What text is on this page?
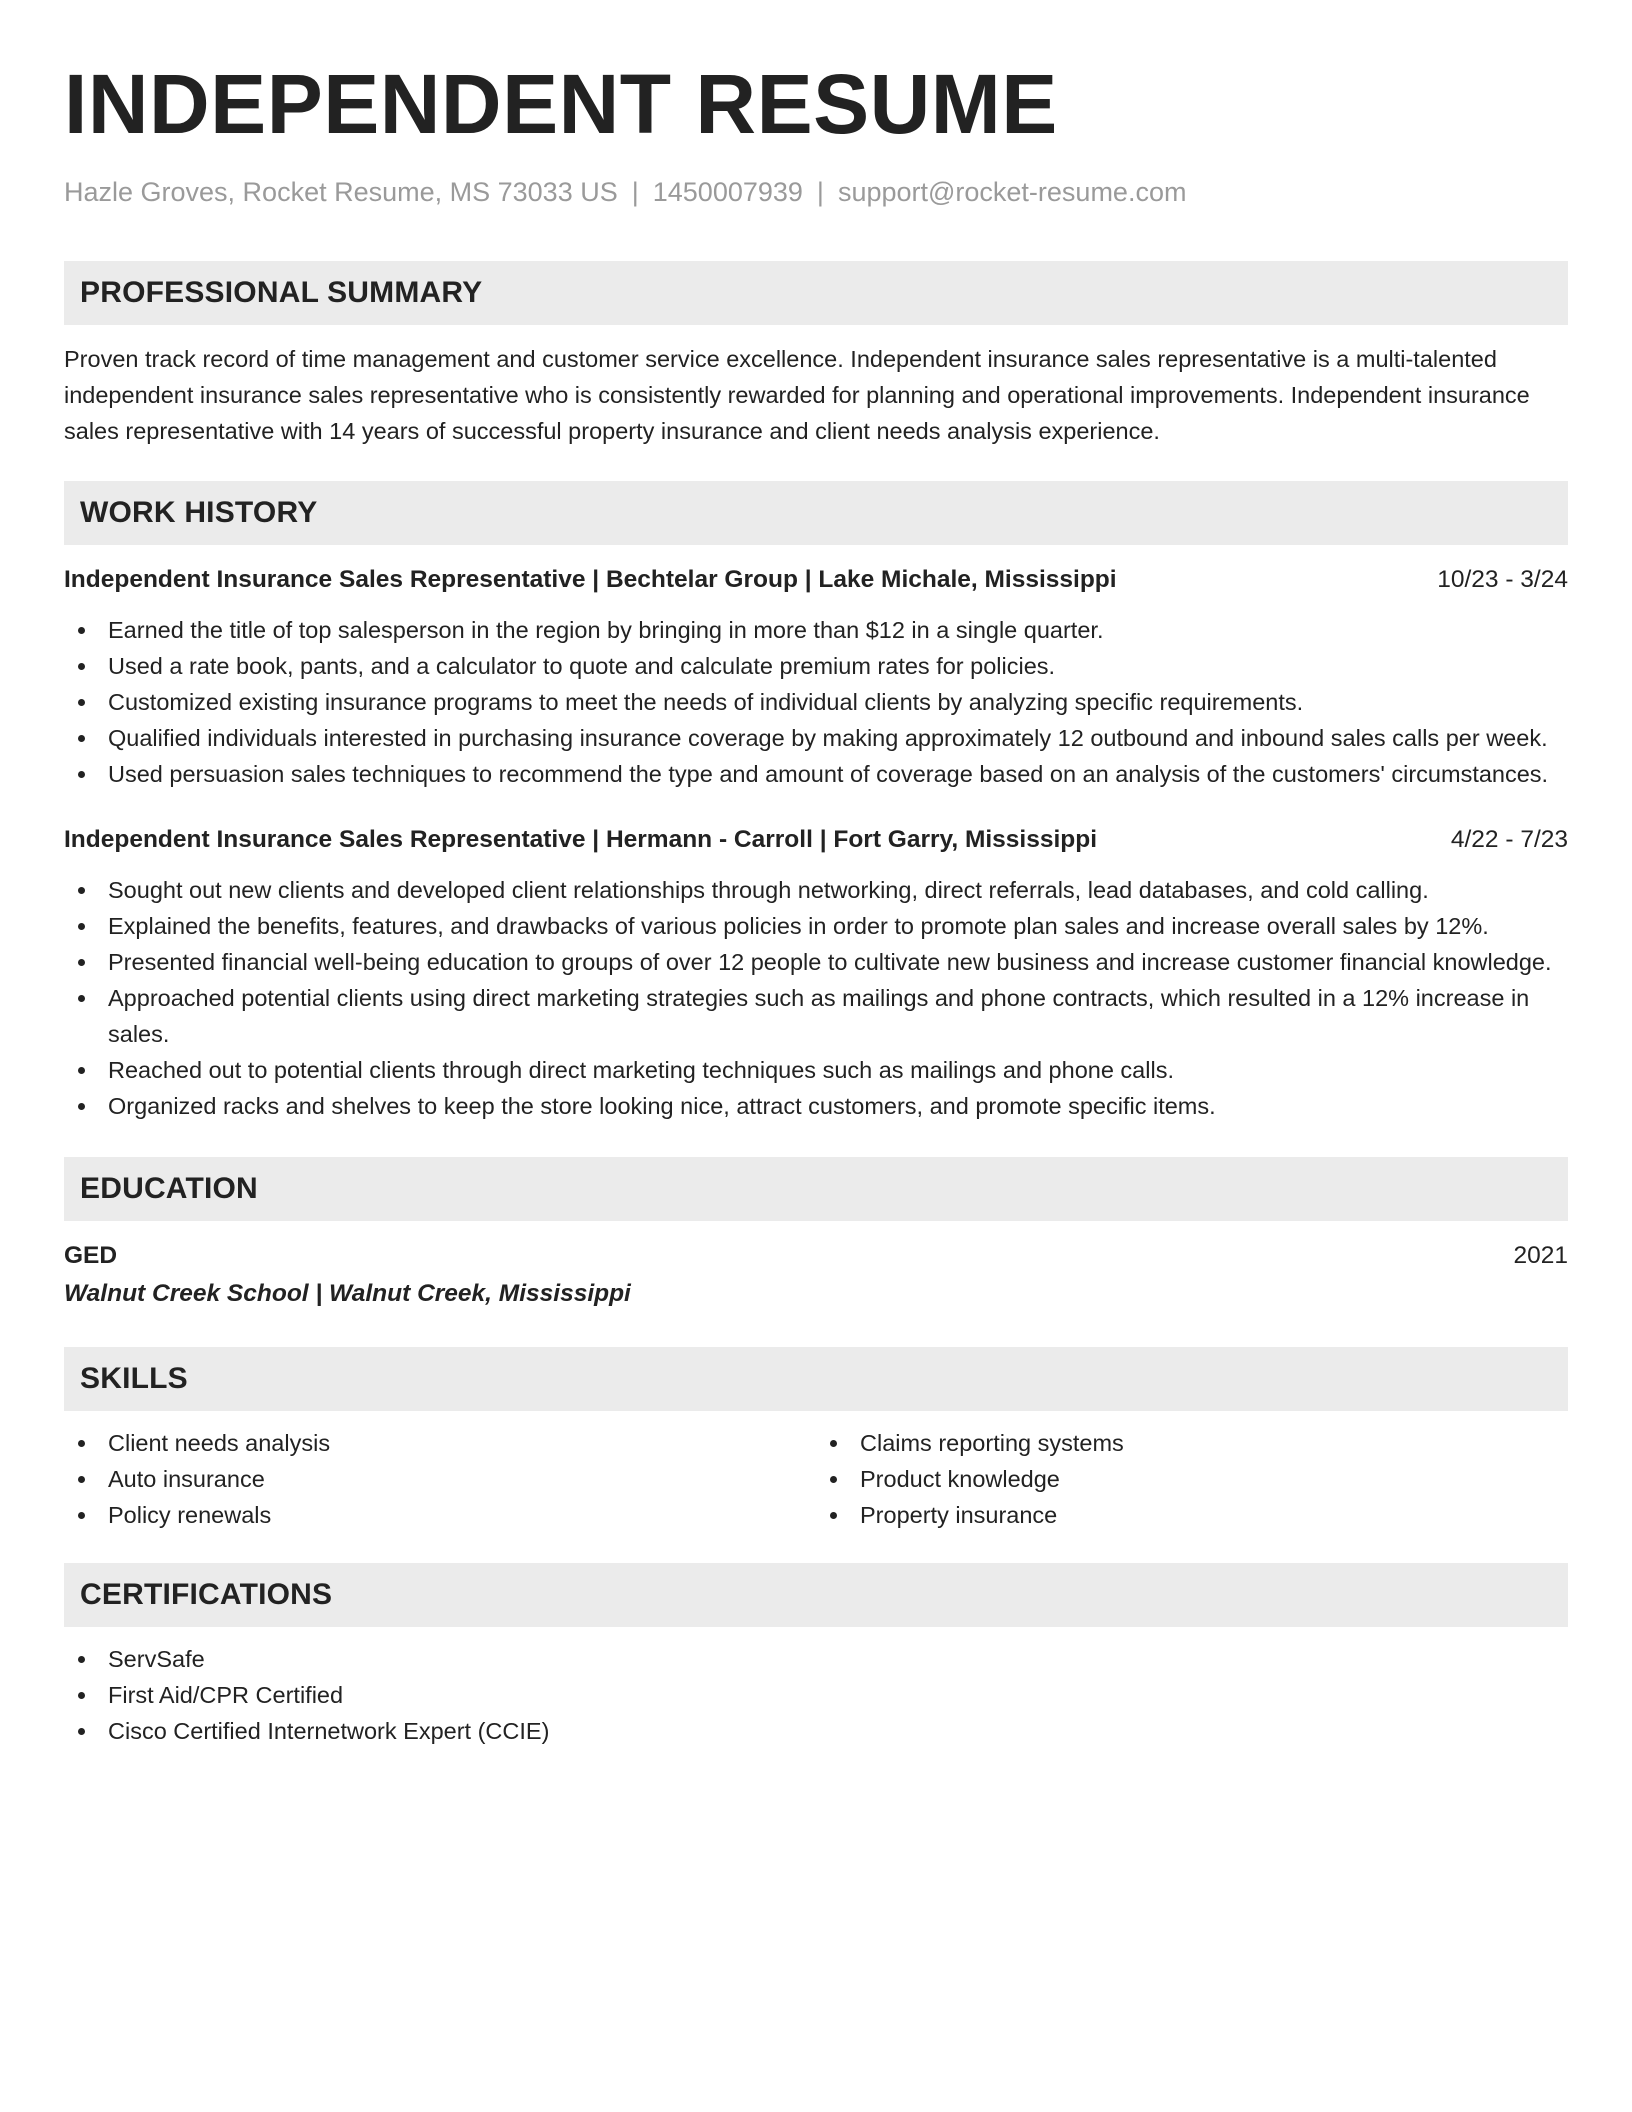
INDEPENDENT RESUME
Hazle Groves, Rocket Resume, MS 73033 US | 1450007939 | support@rocket-resume.com
PROFESSIONAL SUMMARY
Proven track record of time management and customer service excellence. Independent insurance sales representative is a multi-talented independent insurance sales representative who is consistently rewarded for planning and operational improvements. Independent insurance sales representative with 14 years of successful property insurance and client needs analysis experience.
WORK HISTORY
Independent Insurance Sales Representative | Bechtelar Group | Lake Michale, Mississippi	10/23 - 3/24
Earned the title of top salesperson in the region by bringing in more than $12 in a single quarter.
Used a rate book, pants, and a calculator to quote and calculate premium rates for policies.
Customized existing insurance programs to meet the needs of individual clients by analyzing specific requirements.
Qualified individuals interested in purchasing insurance coverage by making approximately 12 outbound and inbound sales calls per week.
Used persuasion sales techniques to recommend the type and amount of coverage based on an analysis of the customers' circumstances.
Independent Insurance Sales Representative | Hermann - Carroll | Fort Garry, Mississippi	4/22 - 7/23
Sought out new clients and developed client relationships through networking, direct referrals, lead databases, and cold calling.
Explained the benefits, features, and drawbacks of various policies in order to promote plan sales and increase overall sales by 12%.
Presented financial well-being education to groups of over 12 people to cultivate new business and increase customer financial knowledge.
Approached potential clients using direct marketing strategies such as mailings and phone contracts, which resulted in a 12% increase in sales.
Reached out to potential clients through direct marketing techniques such as mailings and phone calls.
Organized racks and shelves to keep the store looking nice, attract customers, and promote specific items.
EDUCATION
GED	2021
Walnut Creek School | Walnut Creek, Mississippi
SKILLS
Client needs analysis
Auto insurance
Policy renewals
Claims reporting systems
Product knowledge
Property insurance
CERTIFICATIONS
ServSafe
First Aid/CPR Certified
Cisco Certified Internetwork Expert (CCIE)
